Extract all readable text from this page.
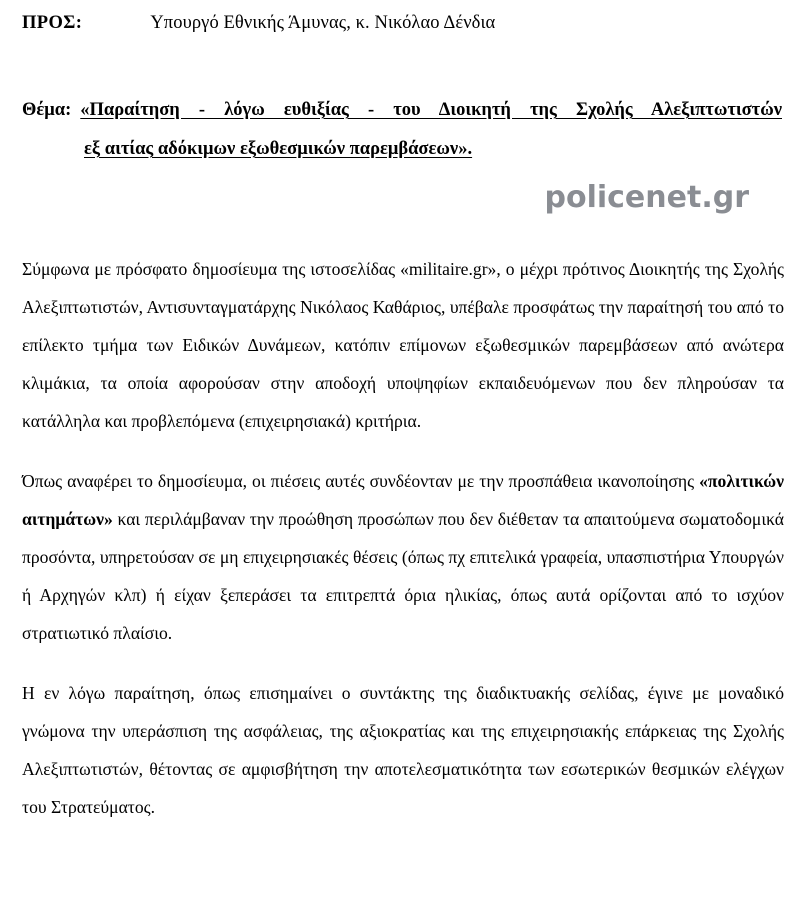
ΠΡΟΣ:	Υπουργό Εθνικής Άμυνας, κ. Νικόλαο Δένδια
Θέμα: «Παραίτηση - λόγω ευθιξίας - του Διοικητή της Σχολής Αλεξιπτωτιστών
εξ αιτίας αδόκιμων εξωθεσμικών παρεμβάσεων».
policenet.gr

Σύμφωνα με πρόσφατο δημοσίευμα της ιστοσελίδας «militaire.gr», ο μέχρι πρότινος Διοικητής της Σχολής Αλεξιπτωτιστών, Αντισυνταγματάρχης Νικόλαος Καθάριος, υπέβαλε προσφάτως την παραίτησή του από το επίλεκτο τμήμα των Ειδικών Δυνάμεων, κατόπιν επίμονων εξωθεσμικών παρεμβάσεων από ανώτερα κλιμάκια, τα οποία αφορούσαν στην αποδοχή υποψηφίων εκπαιδευόμενων που δεν πληρούσαν τα κατάλληλα και προβλεπόμενα (επιχειρησιακά) κριτήρια.

Όπως αναφέρει το δημοσίευμα, οι πιέσεις αυτές συνδέονταν με την προσπάθεια ικανοποίησης «πολιτικών αιτημάτων» και περιλάμβαναν την προώθηση προσώπων που δεν διέθεταν τα απαιτούμενα σωματοδομικά προσόντα, υπηρετούσαν σε μη επιχειρησιακές θέσεις (όπως πχ επιτελικά γραφεία, υπασπιστήρια Υπουργών ή Αρχηγών κλπ) ή είχαν ξεπεράσει τα επιτρεπτά όρια ηλικίας, όπως αυτά ορίζονται από το ισχύον στρατιωτικό πλαίσιο.

Η εν λόγω παραίτηση, όπως επισημαίνει ο συντάκτης της διαδικτυακής σελίδας, έγινε με μοναδικό γνώμονα την υπεράσπιση της ασφάλειας, της αξιοκρατίας και της επιχειρησιακής επάρκειας της Σχολής Αλεξιπτωτιστών, θέτοντας σε αμφισβήτηση την αποτελεσματικότητα των εσωτερικών θεσμικών ελέγχων του Στρατεύματος.
